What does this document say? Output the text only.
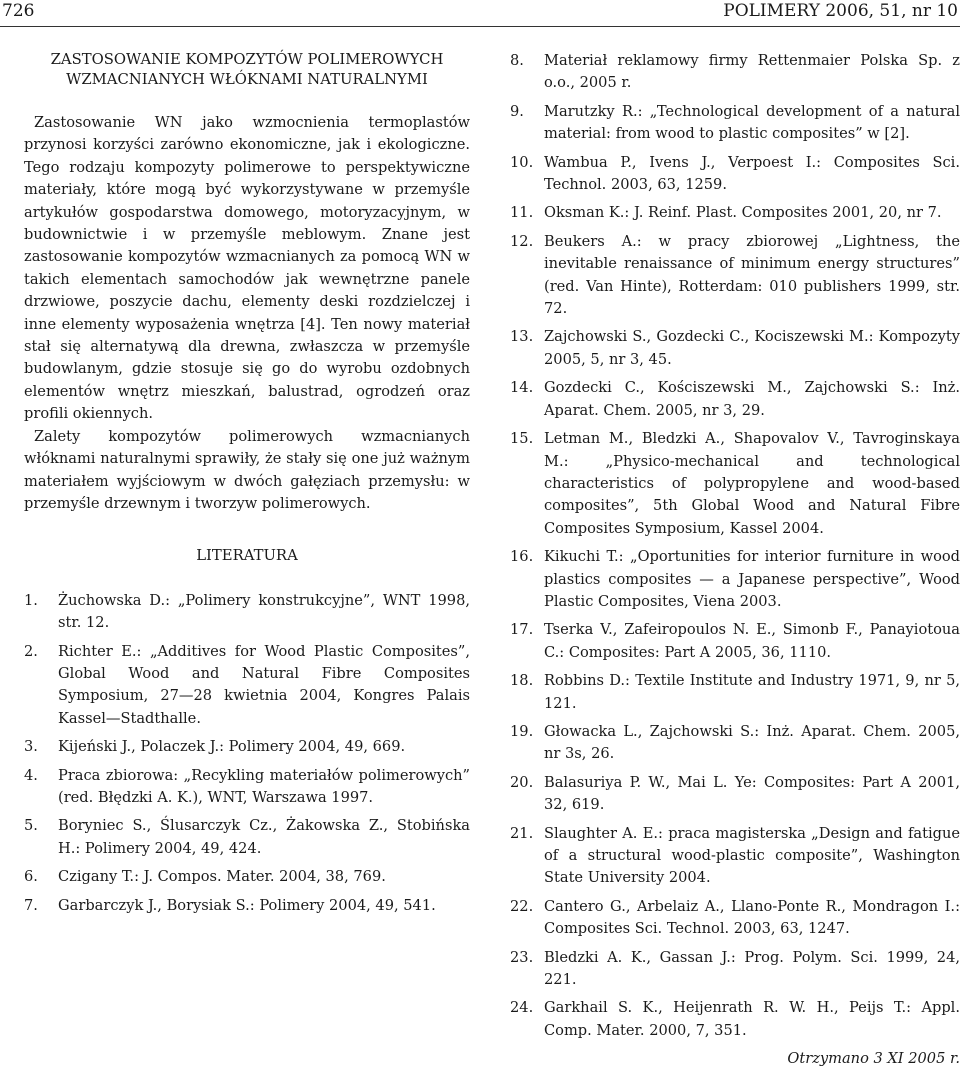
726	POLIMERY 2006, 51, nr 10
ZASTOSOWANIE KOMPOZYTÓW POLIMEROWYCH
WZMACNIANYCH WŁÓKNAMI NATURALNYMI

Zastosowanie WN jako wzmocnienia termoplastów przynosi korzyści zarówno ekonomiczne, jak i ekologiczne. Tego rodzaju kompozyty polimerowe to perspektywiczne materiały, które mogą być wykorzystywane w przemyśle artykułów gospodarstwa domowego, motoryzacyjnym, w budownictwie i w przemyśle meblowym. Znane jest zastosowanie kompozytów wzmacnianych za pomocą WN w takich elementach samochodów jak wewnętrzne panele drzwiowe, poszycie dachu, elementy deski rozdzielczej i inne elementy wyposażenia wnętrza [4]. Ten nowy materiał stał się alternatywą dla drewna, zwłaszcza w przemyśle budowlanym, gdzie stosuje się go do wyrobu ozdobnych elementów wnętrz mieszkań, balustrad, ogrodzeń oraz profili okiennych.

Zalety kompozytów polimerowych wzmacnianych włóknami naturalnymi sprawiły, że stały się one już ważnym materiałem wyjściowym w dwóch gałęziach przemysłu: w przemyśle drzewnym i tworzyw polimerowych.

LITERATURA
1. Żuchowska D.: „Polimery konstrukcyjne”, WNT 1998, str. 12.
2. Richter E.: „Additives for Wood Plastic Composites”, Global Wood and Natural Fibre Composites Symposium, 27—28 kwietnia 2004, Kongres Palais Kassel—Stadthalle.
3. Kijeński J., Polaczek J.: Polimery 2004, 49, 669.
4. Praca zbiorowa: „Recykling materiałów polimerowych” (red. Błędzki A. K.), WNT, Warszawa 1997.
5. Boryniec S., Ślusarczyk Cz., Żakowska Z., Stobińska H.: Polimery 2004, 49, 424.
6. Czigany T.: J. Compos. Mater. 2004, 38, 769.
7. Garbarczyk J., Borysiak S.: Polimery 2004, 49, 541.
8. Materiał reklamowy firmy Rettenmaier Polska Sp. z o.o., 2005 r.
9. Marutzky R.: „Technological development of a natural material: from wood to plastic composites” w [2].
10. Wambua P., Ivens J., Verpoest I.: Composites Sci. Technol. 2003, 63, 1259.
11. Oksman K.: J. Reinf. Plast. Composites 2001, 20, nr 7.
12. Beukers A.: w pracy zbiorowej „Lightness, the inevitable renaissance of minimum energy structures” (red. Van Hinte), Rotterdam: 010 publishers 1999, str. 72.
13. Zajchowski S., Gozdecki C., Kociszewski M.: Kompozyty 2005, 5, nr 3, 45.
14. Gozdecki C., Kościszewski M., Zajchowski S.: Inż. Aparat. Chem. 2005, nr 3, 29.
15. Letman M., Bledzki A., Shapovalov V., Tavroginskaya M.: „Physico-mechanical and technological characteristics of polypropylene and wood-based composites”, 5th Global Wood and Natural Fibre Composites Symposium, Kassel 2004.
16. Kikuchi T.: „Oportunities for interior furniture in wood plastics composites — a Japanese perspective”, Wood Plastic Composites, Viena 2003.
17. Tserka V., Zafeiropoulos N. E., Simonb F., Panayiotoua C.: Composites: Part A 2005, 36, 1110.
18. Robbins D.: Textile Institute and Industry 1971, 9, nr 5, 121.
19. Głowacka L., Zajchowski S.: Inż. Aparat. Chem. 2005, nr 3s, 26.
20. Balasuriya P. W., Mai L. Ye: Composites: Part A 2001, 32, 619.
21. Slaughter A. E.: praca magisterska „Design and fatigue of a structural wood-plastic composite”, Washington State University 2004.
22. Cantero G., Arbelaiz A., Llano-Ponte R., Mondragon I.: Composites Sci. Technol. 2003, 63, 1247.
23. Bledzki A. K., Gassan J.: Prog. Polym. Sci. 1999, 24, 221.
24. Garkhail S. K., Heijenrath R. W. H., Peijs T.: Appl. Comp. Mater. 2000, 7, 351.
Otrzymano 3 XI 2005 r.
